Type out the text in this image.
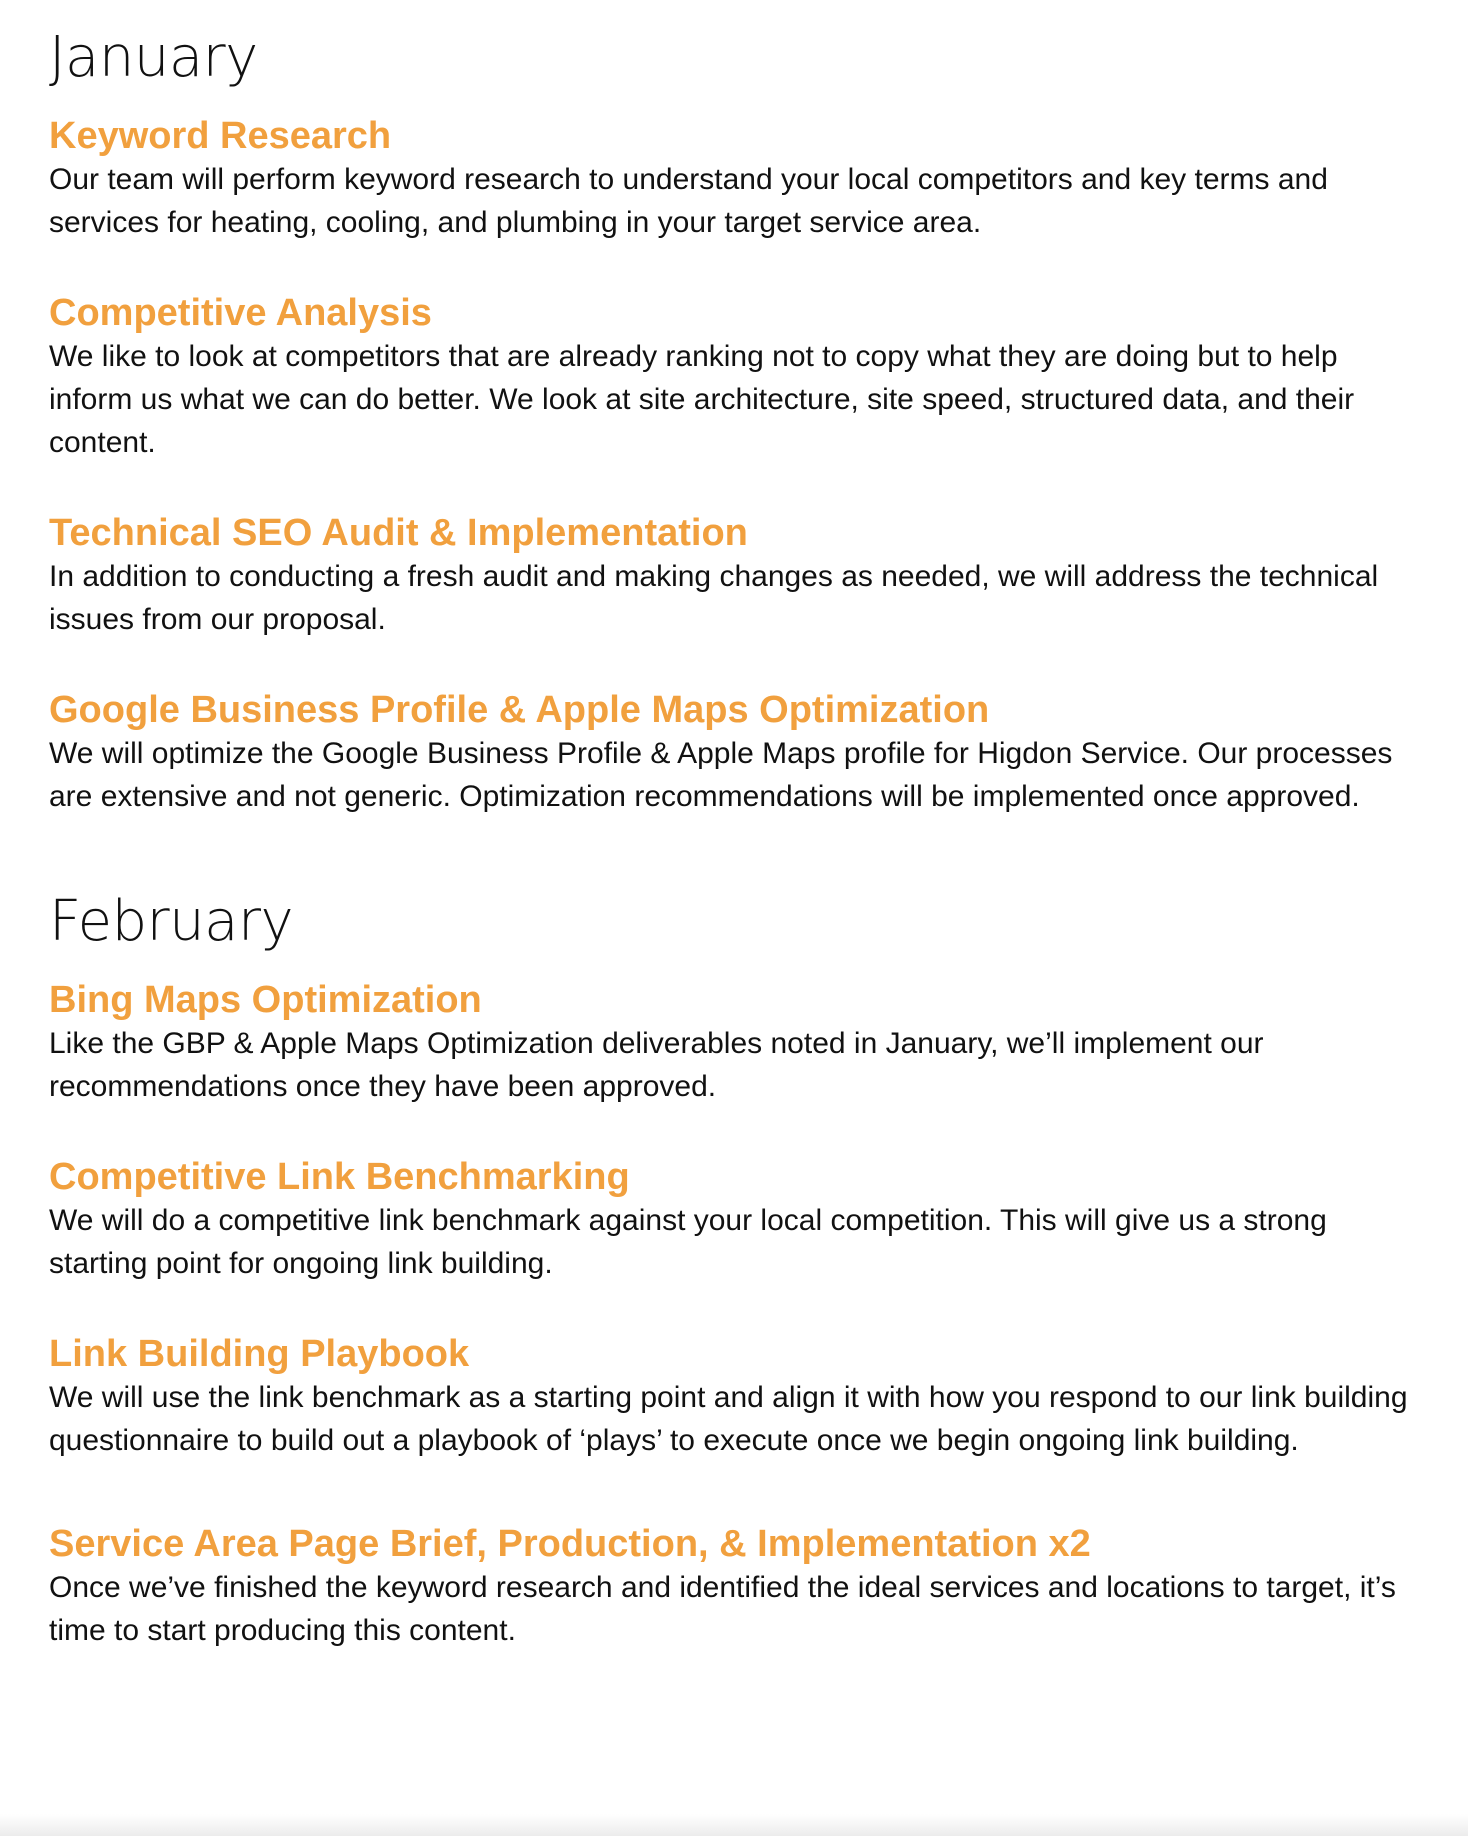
January
Keyword Research

Our team will perform keyword research to understand your local competitors and key terms and services for heating, cooling, and plumbing in your target service area.

Competitive Analysis

We like to look at competitors that are already ranking not to copy what they are doing but to help inform us what we can do better. We look at site architecture, site speed, structured data, and their content.

Technical SEO Audit & Implementation

In addition to conducting a fresh audit and making changes as needed, we will address the technical issues from our proposal.

Google Business Profile & Apple Maps Optimization

We will optimize the Google Business Profile & Apple Maps profile for Higdon Service. Our processes are extensive and not generic. Optimization recommendations will be implemented once approved.

February
Bing Maps Optimization

Like the GBP & Apple Maps Optimization deliverables noted in January, we’ll implement our recommendations once they have been approved.

Competitive Link Benchmarking

We will do a competitive link benchmark against your local competition. This will give us a strong starting point for ongoing link building.

Link Building Playbook

We will use the link benchmark as a starting point and align it with how you respond to our link building questionnaire to build out a playbook of ‘plays’ to execute once we begin ongoing link building.

Service Area Page Brief, Production, & Implementation x2

Once we’ve finished the keyword research and identified the ideal services and locations to target, it’s time to start producing this content.
